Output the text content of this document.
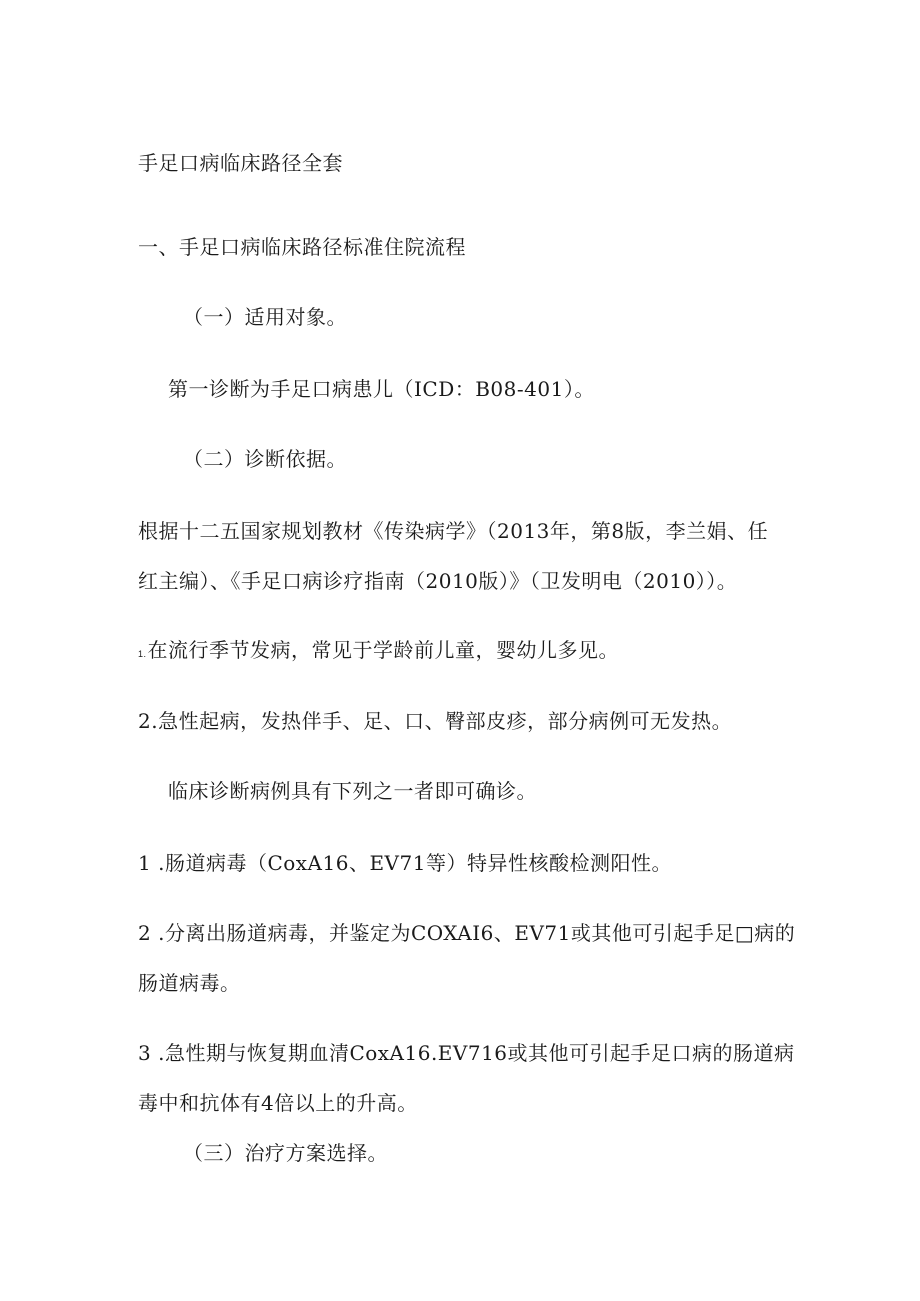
手足口病临床路径全套
一、手足口病临床路径标准住院流程
（一）适用对象。
第一诊断为手足口病患儿（ICD：B08-401）。
（二）诊断依据。
根据十二五国家规划教材《传染病学》（2013年，第8版，李兰娟、任
红主编）、《手足口病诊疗指南（2010版）》（卫发明电（2010））。
1.在流行季节发病，常见于学龄前儿童，婴幼儿多见。
2.急性起病，发热伴手、足、口、臀部皮疹，部分病例可无发热。
临床诊断病例具有下列之一者即可确诊。
1 .肠道病毒（CoxA16、EV71等）特异性核酸检测阳性。
2 .分离出肠道病毒，并鉴定为COXAI6、EV71或其他可引起手足□病的
肠道病毒。
3 .急性期与恢复期血清CoxA16.EV716或其他可引起手足口病的肠道病
毒中和抗体有4倍以上的升高。
（三）治疗方案选择。
